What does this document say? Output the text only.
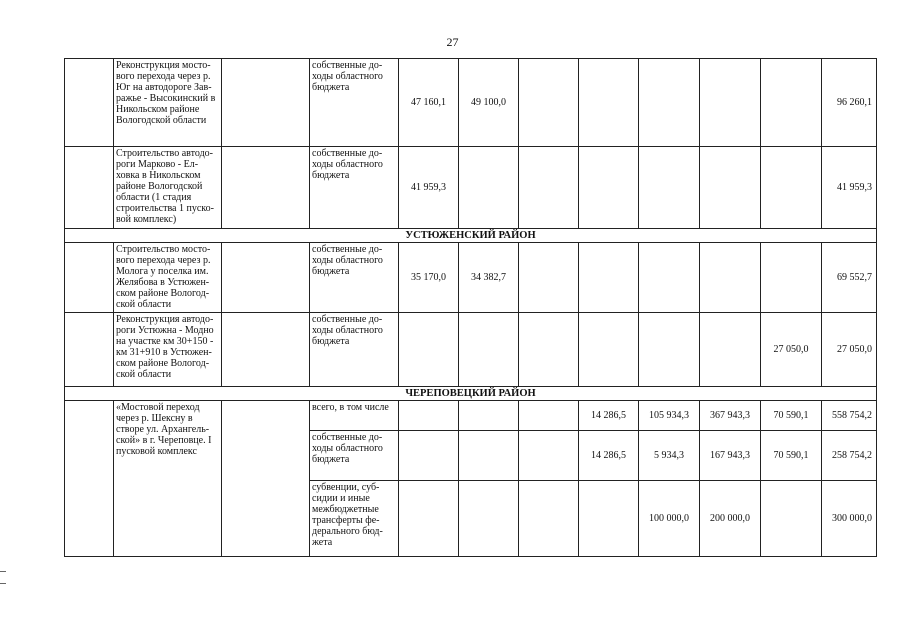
27
	Реконструкция мосто-вого перехода через р. Юг на автодороге Зав-ражье - Высокинский в Никольском районе Вологодской области		собственные до-ходы областного бюджета	47 160,1	49 100,0						96 260,1
	Строительство автодо-роги Марково - Ел-ховка в Никольском районе Вологодской области (1 стадия строительства 1 пуско-вой комплекс)		собственные до-ходы областного бюджета	41 959,3							41 959,3
УСТЮЖЕНСКИЙ РАЙОН											
	Строительство мосто-вого перехода через р. Молога у поселка им. Желябова в Устюжен-ском районе Вологод-ской области		собственные до-ходы областного бюджета	35 170,0	34 382,7						69 552,7
	Реконструкция автодо-роги Устюжна - Модно на участке км 30+150 - км 31+910 в Устюжен-ском районе Вологод-ской области		собственные до-ходы областного бюджета							27 050,0	27 050,0
ЧЕРЕПОВЕЦКИЙ РАЙОН											
	«Мостовой переход через р. Шексну в створе ул. Архангель-ской» в г. Череповце. I пусковой комплекс		всего, в том числе				14 286,5	105 934,3	367 943,3	70 590,1	558 754,2
			собственные до-ходы областного бюджета				14 286,5	5 934,3	167 943,3	70 590,1	258 754,2
			субвенции, суб-сидии и иные межбюджетные трансферты фе-дерального бюд-жета					100 000,0	200 000,0		300 000,0
